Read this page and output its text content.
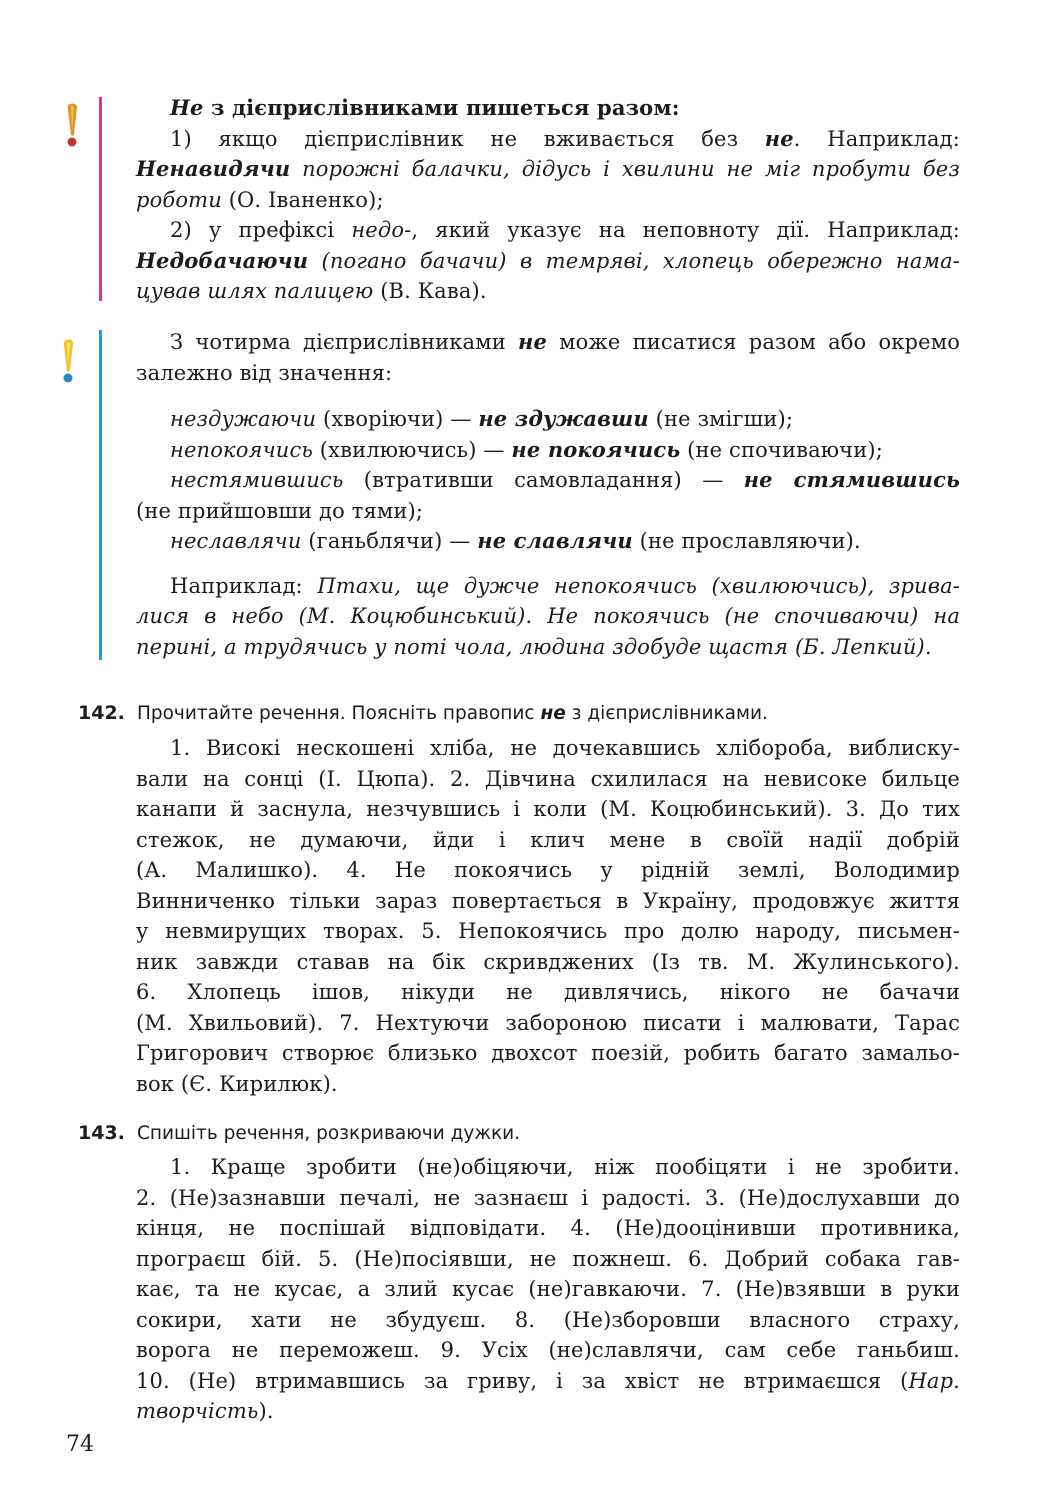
Не з дієприслівниками пишеться разом:

1) якщо дієприслівник не вживається без не. Наприклад:

Ненавидячи порожні балачки, дідусь і хвилини не міг пробути без

роботи (О. Іваненко);

2) у префіксі недо-, який указує на неповноту дії. Наприклад:

Недобачаючи (погано бачачи) в темряві, хлопець обережно нама-

цував шлях палицею (В. Кава).

З чотирма дієприслівниками не може писатися разом або окремо

залежно від значення:

нездужаючи (хворіючи) — не здужавши (не змігши);

непокоячись (хвилюючись) — не покоячись (не спочиваючи);

нестямившись (втративши самовладання) — не стямившись

(не прийшовши до тями);

неславлячи (ганьблячи) — не славлячи (не прославляючи).

Наприклад: Птахи, ще дужче непокоячись (хвилюючись), зрива-

лися в небо (М. Коцюбинський). Не покоячись (не спочиваючи) на

перині, а трудячись у поті чола, людина здобуде щастя (Б. Лепкий).

142. Прочитайте речення. Поясніть правопис не з дієприслівниками.

1. Високі нескошені хліба, не дочекавшись хлібороба, виблиску-

вали на сонці (І. Цюпа). 2. Дівчина схилилася на невисоке бильце

канапи й заснула, незчувшись і коли (М. Коцюбинський). 3. До тих

стежок, не думаючи, йди і клич мене в своїй надії добрій

(А. Малишко). 4. Не покоячись у рідній землі, Володимир

Винниченко тільки зараз повертається в Україну, продовжує життя

у невмирущих творах. 5. Непокоячись про долю народу, письмен-

ник завжди ставав на бік скривджених (Із тв. М. Жулинського).

6. Хлопець ішов, нікуди не дивлячись, нікого не бачачи

(М. Хвильовий). 7. Нехтуючи забороною писати і малювати, Тарас

Григорович створює близько двохсот поезій, робить багато замальо-

вок (Є. Кирилюк).

143. Спишіть речення, розкриваючи дужки.

1. Краще зробити (не)обіцяючи, ніж пообіцяти і не зробити.

2. (Не)зазнавши печалі, не зазнаєш і радості. 3. (Не)дослухавши до

кінця, не поспішай відповідати. 4. (Не)дооцінивши противника,

програєш бій. 5. (Не)посіявши, не пожнеш. 6. Добрий собака гав-

кає, та не кусає, а злий кусає (не)гавкаючи. 7. (Не)взявши в руки

сокири, хати не збудуєш. 8. (Не)зборовши власного страху,

ворога не переможеш. 9. Усіх (не)славлячи, сам себе ганьбиш.

10. (Не) втримавшись за гриву, і за хвіст не втримаєшся (Нар.

творчість).

74
